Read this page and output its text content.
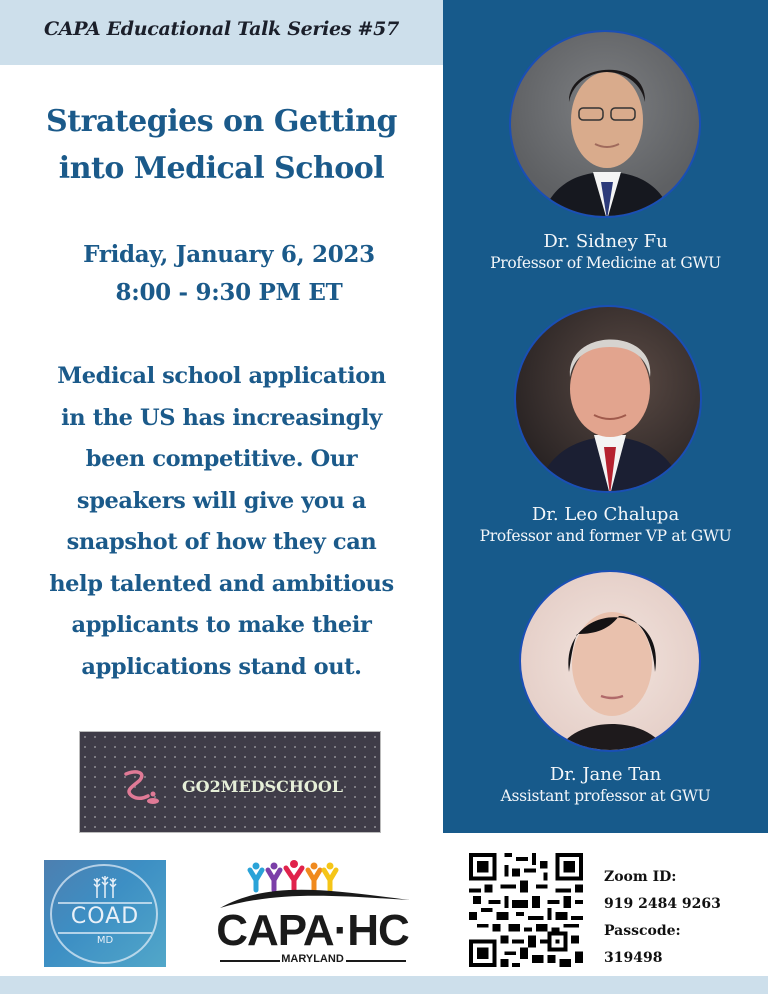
CAPA Educational Talk Series #57
Strategies on Getting
into Medical School
Friday, January 6, 2023
8:00 - 9:30 PM ET
Medical school application
in the US has increasingly
been competitive. Our
speakers will give you a
snapshot of how they can
help talented and ambitious
applicants to make their
applications stand out.
GO2MEDSCHOOL
Dr. Sidney Fu
Professor of Medicine at GWU
Dr. Leo Chalupa
Professor and former VP at GWU
Dr. Jane Tan
Assistant professor at GWU
COAD
MD	CAPA·HC
MARYLAND
Zoom ID:
919 2484 9263
Passcode:
319498
